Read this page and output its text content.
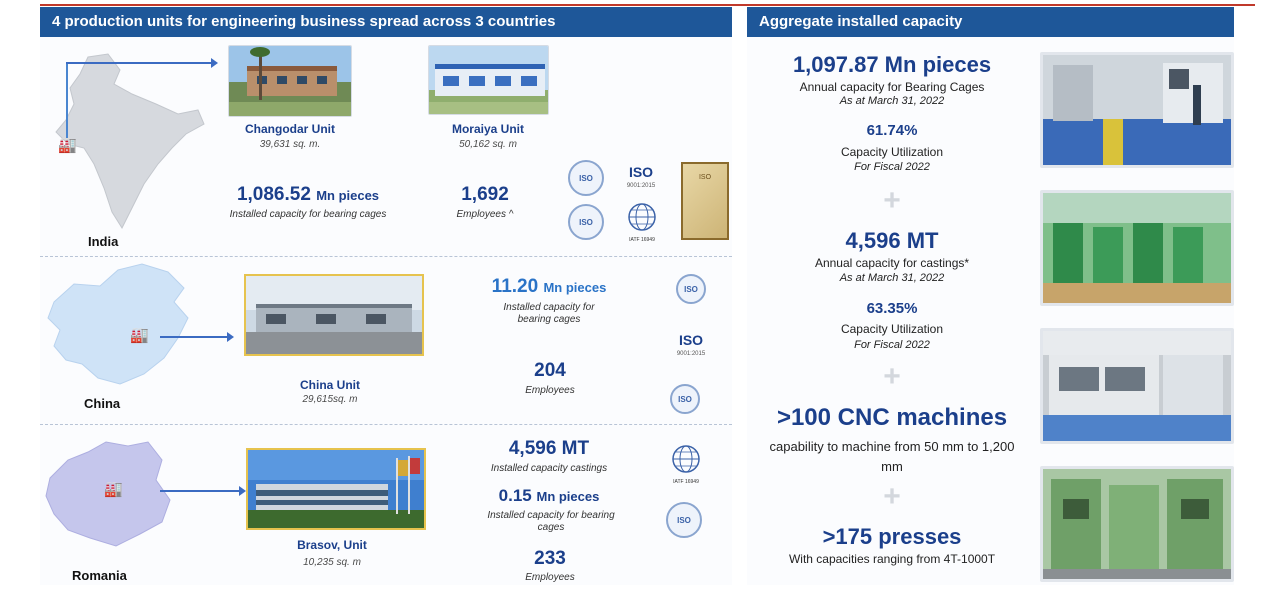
4 production units for engineering business spread across 3 countries	Aggregate installed capacity
🏭
India
Changodar Unit
39,631 sq. m.
Moraiya Unit
50,162 sq. m
1,086.52 Mn pieces
Installed capacity for bearing cages
1,692
Employees ^
ISO	ISO
9001:2015
ISO
IATF 16949
ISO
🏭
China
China Unit
29,615sq. m
11.20 Mn pieces
Installed capacity for bearing cages
204
Employees
ISO
ISO
9001:2015
ISO
🏭
Romania
Brasov, Unit
10,235 sq. m
4,596 MT
Installed capacity castings
0.15 Mn pieces
Installed capacity for bearing cages
233
Employees
IATF 16949
ISO
1,097.87 Mn pieces
Annual capacity for Bearing Cages
As at March 31, 2022
61.74%
Capacity Utilization
For Fiscal 2022
+
4,596 MT
Annual capacity for castings*
As at March 31, 2022
63.35%
Capacity Utilization
For Fiscal 2022
+
>100 CNC machines
capability to machine from 50 mm to 1,200 mm
+
>175 presses
With capacities ranging from 4T-1000T
